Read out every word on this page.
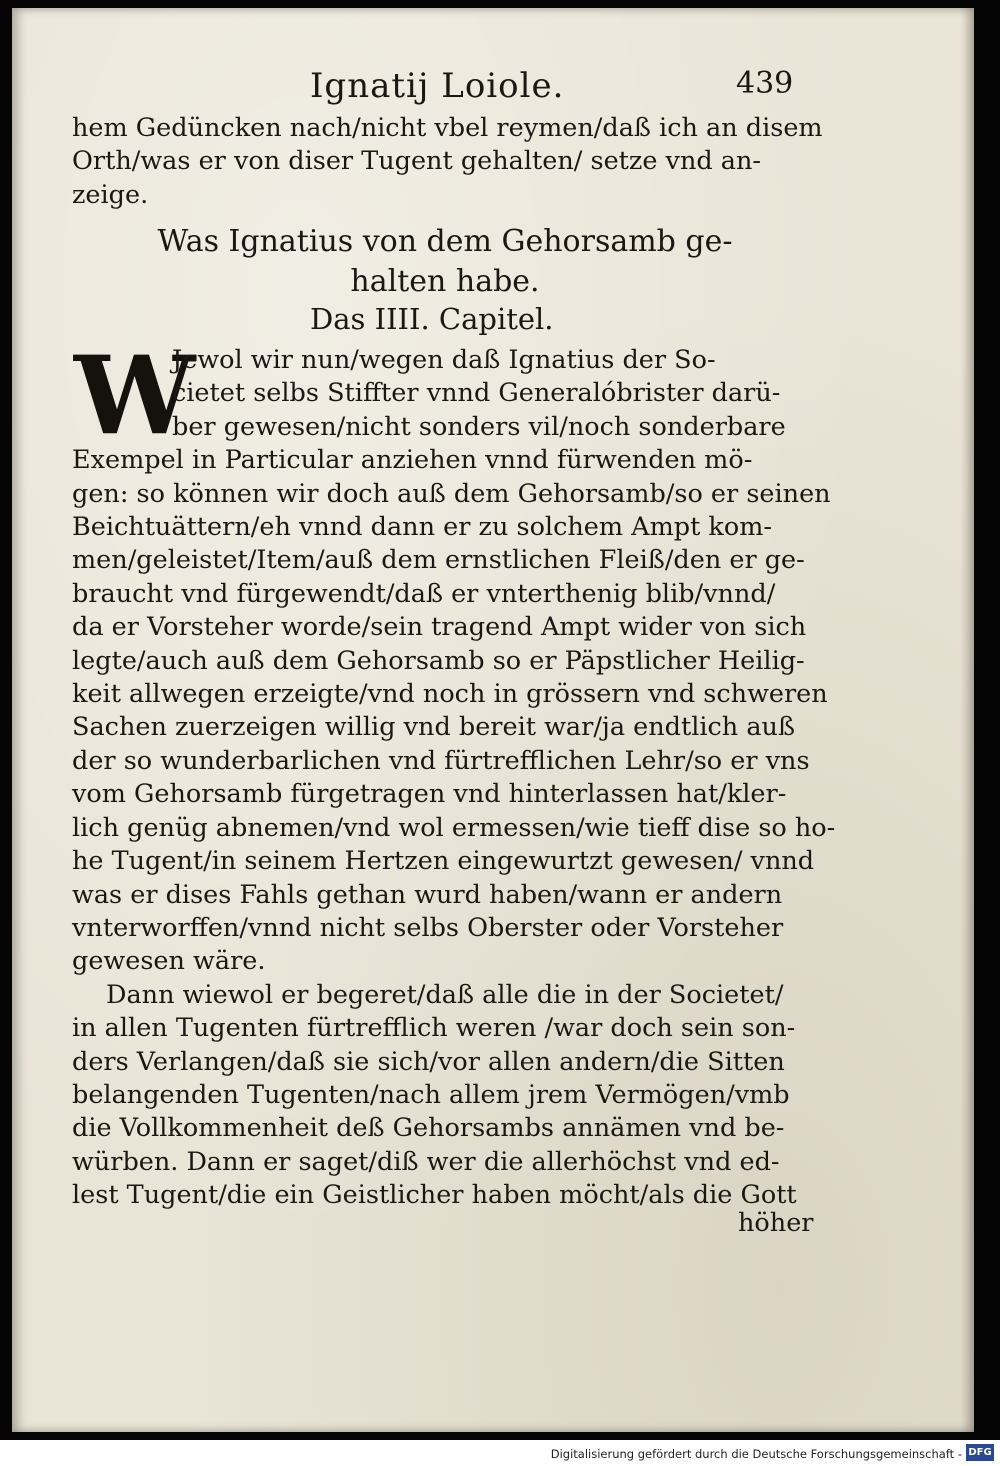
Ignatij Loiole.	439
hem Gedüncken nach/nicht vbel reymen/daß ich an disem
Orth/was er von diser Tugent gehalten/ setze vnd an-
zeige.
Was Ignatius von dem Gehorsamb ge-
halten habe.
Das IIII. Capitel.
W
Jewol wir nun/wegen daß Ignatius der So-
cietet selbs Stiffter vnnd Generalóbrister darü-
ber gewesen/nicht sonders vil/noch sonderbare
Exempel in Particular anziehen vnnd fürwenden mö-
gen: so können wir doch auß dem Gehorsamb/so er seinen
Beichtuättern/eh vnnd dann er zu solchem Ampt kom-
men/geleistet/Item/auß dem ernstlichen Fleiß/den er ge-
braucht vnd fürgewendt/daß er vnterthenig blib/vnnd/
da er Vorsteher worde/sein tragend Ampt wider von sich
legte/auch auß dem Gehorsamb so er Päpstlicher Heilig-
keit allwegen erzeigte/vnd noch in grössern vnd schweren
Sachen zuerzeigen willig vnd bereit war/ja endtlich auß
der so wunderbarlichen vnd fürtrefflichen Lehr/so er vns
vom Gehorsamb fürgetragen vnd hinterlassen hat/kler-
lich genüg abnemen/vnd wol ermessen/wie tieff dise so ho-
he Tugent/in seinem Hertzen eingewurtzt gewesen/ vnnd
was er dises Fahls gethan wurd haben/wann er andern
vnterworffen/vnnd nicht selbs Oberster oder Vorsteher
gewesen wäre.
Dann wiewol er begeret/daß alle die in der Societet/
in allen Tugenten fürtrefflich weren /war doch sein son-
ders Verlangen/daß sie sich/vor allen andern/die Sitten
belangenden Tugenten/nach allem jrem Vermögen/vmb
die Vollkommenheit deß Gehorsambs annämen vnd be-
würben. Dann er saget/diß wer die allerhöchst vnd ed-
lest Tugent/die ein Geistlicher haben möcht/als die Gott
höher
Digitalisierung gefördert durch die Deutsche Forschungsgemeinschaft - DFG
